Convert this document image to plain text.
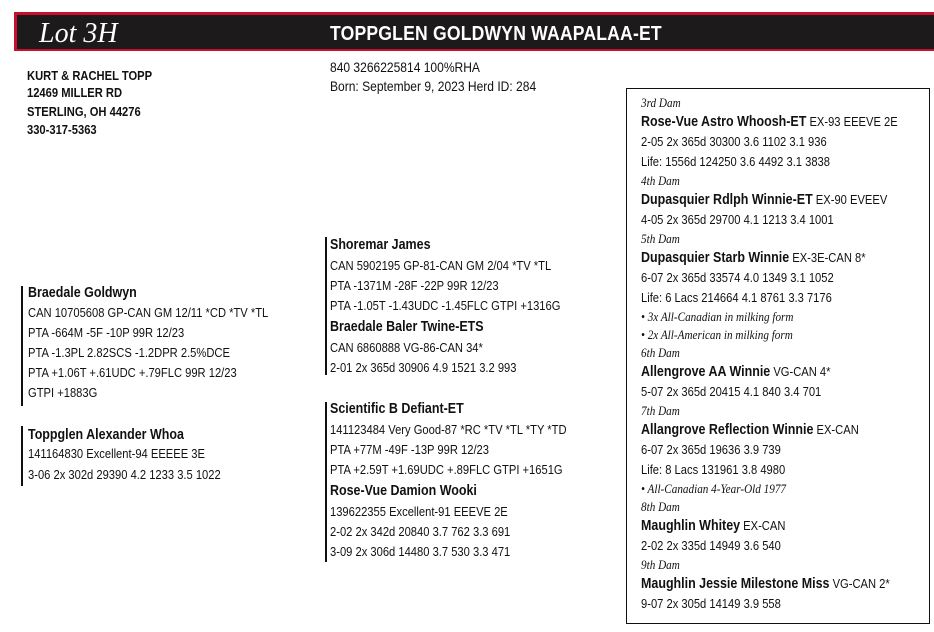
Lot 3H	TOPPGLEN GOLDWYN WAAPALAA-ET
KURT & RACHEL TOPP
12469 MILLER RD
STERLING, OH 44276
330-317-5363
840 3266225814 100%RHA
Born: September 9, 2023 Herd ID: 284
Braedale Goldwyn
CAN 10705608 GP-CAN GM 12/11 *CD *TV *TL
PTA -664M -5F -10P 99R 12/23
PTA -1.3PL 2.82SCS -1.2DPR 2.5%DCE
PTA +1.06T +.61UDC +.79FLC 99R 12/23
GTPI +1883G
Toppglen Alexander Whoa
141164830 Excellent-94 EEEEE 3E
3-06 2x 302d 29390 4.2 1233 3.5 1022
Shoremar James
CAN 5902195 GP-81-CAN GM 2/04 *TV *TL
PTA -1371M -28F -22P 99R 12/23
PTA -1.05T -1.43UDC -1.45FLC GTPI +1316G
Braedale Baler Twine-ETS
CAN 6860888 VG-86-CAN 34*
2-01 2x 365d 30906 4.9 1521 3.2 993
Scientific B Defiant-ET
141123484 Very Good-87 *RC *TV *TL *TY *TD
PTA +77M -49F -13P 99R 12/23
PTA +2.59T +1.69UDC +.89FLC GTPI +1651G
Rose-Vue Damion Wooki
139622355 Excellent-91 EEEVE 2E
2-02 2x 342d 20840 3.7 762 3.3 691
3-09 2x 306d 14480 3.7 530 3.3 471
3rd Dam
Rose-Vue Astro Whoosh-ET EX-93 EEEVE 2E
2-05 2x 365d 30300 3.6 1102 3.1 936
Life: 1556d 124250 3.6 4492 3.1 3838
4th Dam
Dupasquier Rdlph Winnie-ET EX-90 EVEEV
4-05 2x 365d 29700 4.1 1213 3.4 1001
5th Dam
Dupasquier Starb Winnie EX-3E-CAN 8*
6-07 2x 365d 33574 4.0 1349 3.1 1052
Life: 6 Lacs 214664 4.1 8761 3.3 7176
• 3x All-Canadian in milking form
• 2x All-American in milking form
6th Dam
Allengrove AA Winnie VG-CAN 4*
5-07 2x 365d 20415 4.1 840 3.4 701
7th Dam
Allangrove Reflection Winnie EX-CAN
6-07 2x 365d 19636 3.9 739
Life: 8 Lacs 131961 3.8 4980
• All-Canadian 4-Year-Old 1977
8th Dam
Maughlin Whitey EX-CAN
2-02 2x 335d 14949 3.6 540
9th Dam
Maughlin Jessie Milestone Miss VG-CAN 2*
9-07 2x 305d 14149 3.9 558
